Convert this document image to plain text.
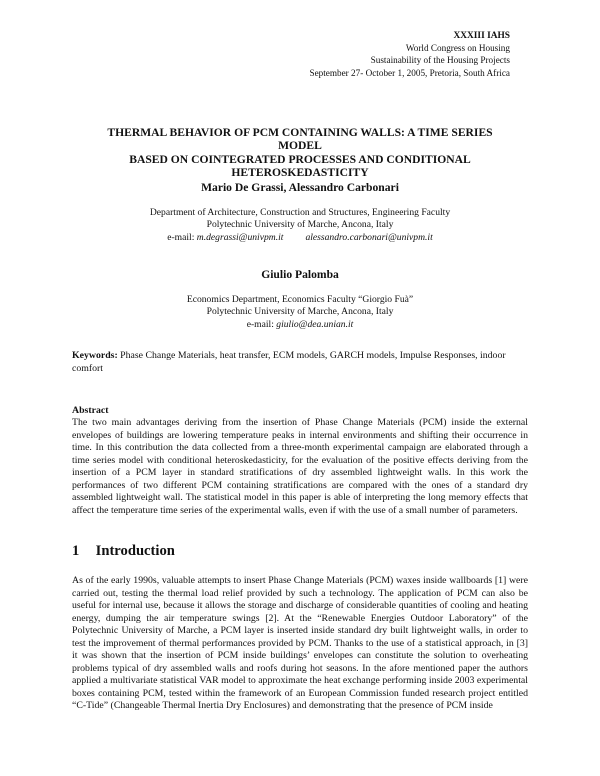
XXXIII IAHS
World Congress on Housing
Sustainability of the Housing Projects
September 27- October 1, 2005, Pretoria, South Africa
THERMAL BEHAVIOR OF PCM CONTAINING WALLS: A TIME SERIES MODEL
BASED ON COINTEGRATED PROCESSES AND CONDITIONAL
HETEROSKEDASTICITY
Mario De Grassi, Alessandro Carbonari
Department of Architecture, Construction and Structures, Engineering Faculty
Polytechnic University of Marche, Ancona, Italy
e-mail: m.degrassi@univpm.it alessandro.carbonari@univpm.it
Giulio Palomba
Economics Department, Economics Faculty “Giorgio Fuà”
Polytechnic University of Marche, Ancona, Italy
e-mail: giulio@dea.unian.it
Keywords: Phase Change Materials, heat transfer, ECM models, GARCH models, Impulse Responses, indoor comfort
Abstract
The two main advantages deriving from the insertion of Phase Change Materials (PCM) inside the external envelopes of buildings are lowering temperature peaks in internal environments and shifting their occurrence in time. In this contribution the data collected from a three-month experimental campaign are elaborated through a time series model with conditional heteroskedasticity, for the evaluation of the positive effects deriving from the insertion of a PCM layer in standard stratifications of dry assembled lightweight walls. In this work the performances of two different PCM containing stratifications are compared with the ones of a standard dry assembled lightweight wall. The statistical model in this paper is able of interpreting the long memory effects that affect the temperature time series of the experimental walls, even if with the use of a small number of parameters.
1 Introduction
As of the early 1990s, valuable attempts to insert Phase Change Materials (PCM) waxes inside wallboards [1] were carried out, testing the thermal load relief provided by such a technology. The application of PCM can also be useful for internal use, because it allows the storage and discharge of considerable quantities of cooling and heating energy, dumping the air temperature swings [2]. At the “Renewable Energies Outdoor Laboratory” of the Polytechnic University of Marche, a PCM layer is inserted inside standard dry built lightweight walls, in order to test the improvement of thermal performances provided by PCM. Thanks to the use of a statistical approach, in [3] it was shown that the insertion of PCM inside buildings’ envelopes can constitute the solution to overheating problems typical of dry assembled walls and roofs during hot seasons. In the afore mentioned paper the authors applied a multivariate statistical VAR model to approximate the heat exchange performing inside 2003 experimental boxes containing PCM, tested within the framework of an European Commission funded research project entitled “C-Tide” (Changeable Thermal Inertia Dry Enclosures) and demonstrating that the presence of PCM inside
